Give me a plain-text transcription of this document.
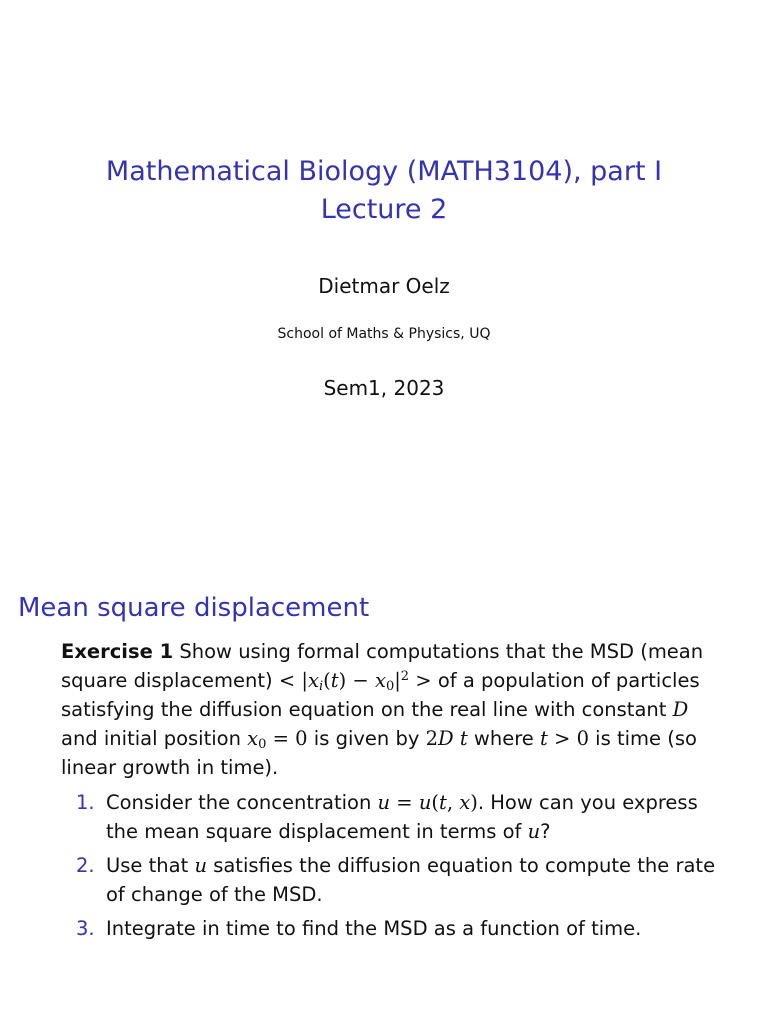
Mathematical Biology (MATH3104), part I
Lecture 2
Dietmar Oelz
School of Maths & Physics, UQ
Sem1, 2023
Mean square displacement
Exercise 1 Show using formal computations that the MSD (mean square displacement) < $|x_i(t) - x_0|^2$ > of a population of particles satisfying the diffusion equation on the real line with constant D and initial position $x_0 = 0$ is given by 2D t where t > 0 is time (so linear growth in time).
1. Consider the concentration u = u(t, x). How can you express the mean square displacement in terms of u?
2. Use that u satisfies the diffusion equation to compute the rate of change of the MSD.
3. Integrate in time to find the MSD as a function of time.
